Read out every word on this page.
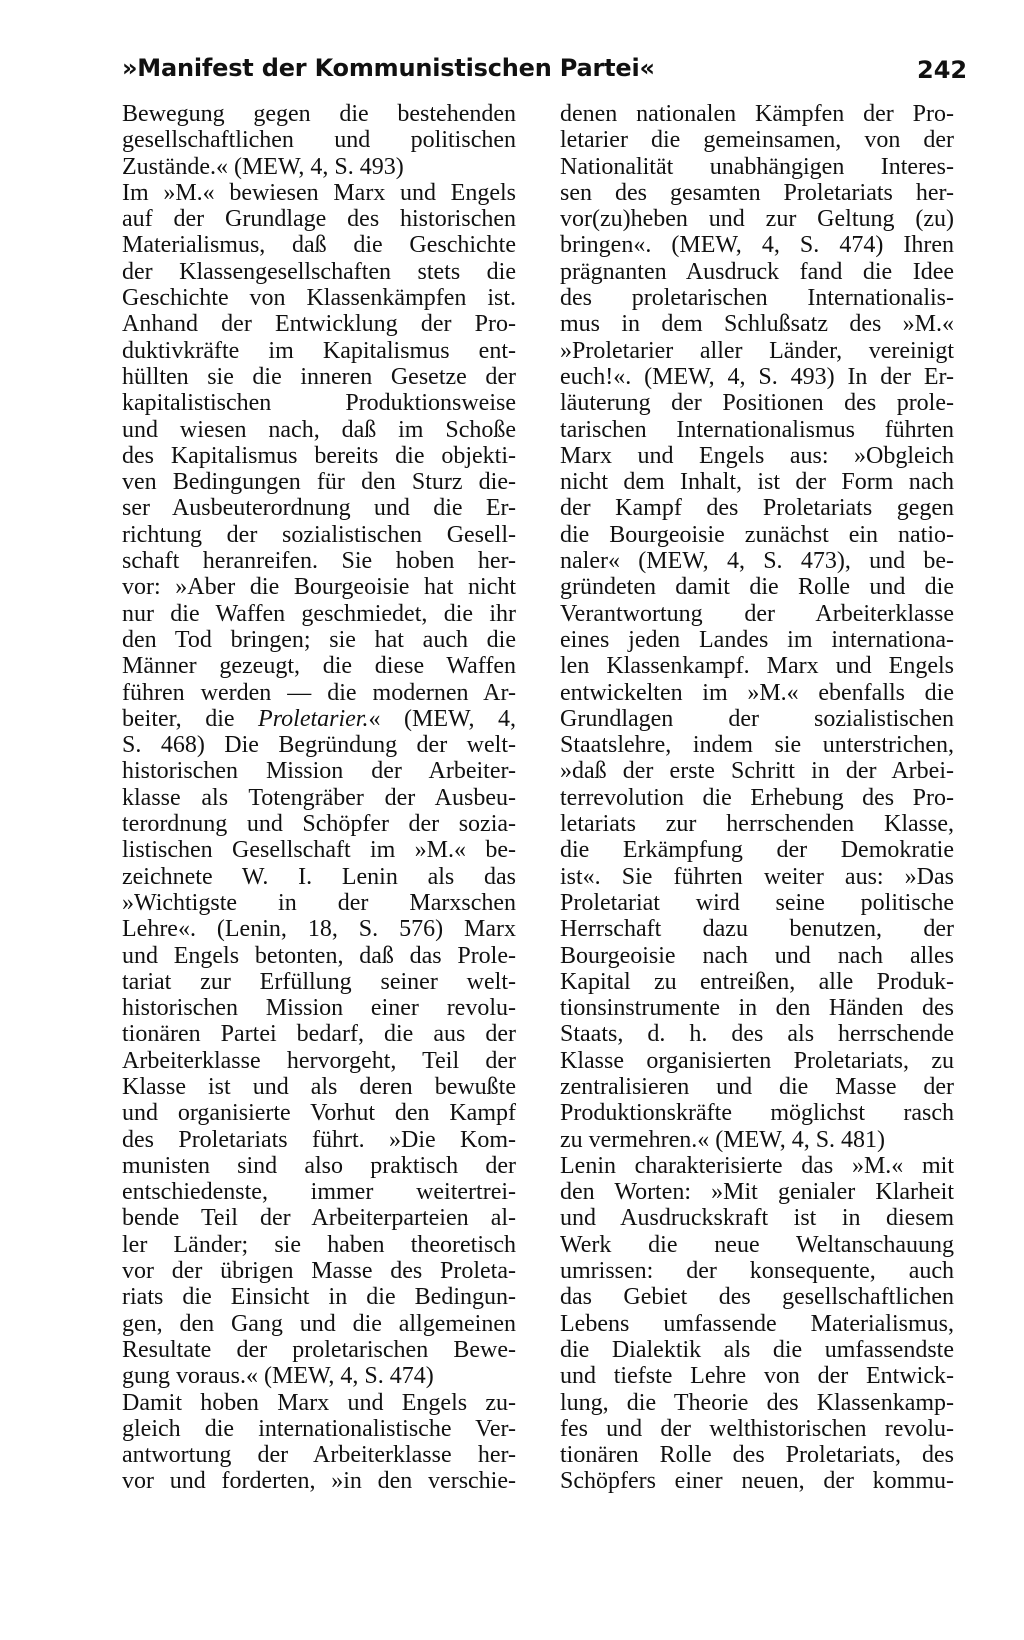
»Manifest der Kommunistischen Partei«	242
Bewegung gegen die bestehenden
gesellschaftlichen und politischen
Zustände.« (MEW, 4, S. 493)
Im »M.« bewiesen Marx und Engels
auf der Grundlage des historischen
Materialismus, daß die Geschichte
der Klassengesellschaften stets die
Geschichte von Klassenkämpfen ist.
Anhand der Entwicklung der Pro-
duktivkräfte im Kapitalismus ent-
hüllten sie die inneren Gesetze der
kapitalistischen Produktionsweise
und wiesen nach, daß im Schoße
des Kapitalismus bereits die objekti-
ven Bedingungen für den Sturz die-
ser Ausbeuterordnung und die Er-
richtung der sozialistischen Gesell-
schaft heranreifen. Sie hoben her-
vor: »Aber die Bourgeoisie hat nicht
nur die Waffen geschmiedet, die ihr
den Tod bringen; sie hat auch die
Männer gezeugt, die diese Waffen
führen werden — die modernen Ar-
beiter, die Proletarier.« (MEW, 4,
S. 468) Die Begründung der welt-
historischen Mission der Arbeiter-
klasse als Totengräber der Ausbeu-
terordnung und Schöpfer der sozia-
listischen Gesellschaft im »M.« be-
zeichnete W. I. Lenin als das
»Wichtigste in der Marxschen
Lehre«. (Lenin, 18, S. 576) Marx
und Engels betonten, daß das Prole-
tariat zur Erfüllung seiner welt-
historischen Mission einer revolu-
tionären Partei bedarf, die aus der
Arbeiterklasse hervorgeht, Teil der
Klasse ist und als deren bewußte
und organisierte Vorhut den Kampf
des Proletariats führt. »Die Kom-
munisten sind also praktisch der
entschiedenste, immer weitertrei-
bende Teil der Arbeiterparteien al-
ler Länder; sie haben theoretisch
vor der übrigen Masse des Proleta-
riats die Einsicht in die Bedingun-
gen, den Gang und die allgemeinen
Resultate der proletarischen Bewe-
gung voraus.« (MEW, 4, S. 474)
Damit hoben Marx und Engels zu-
gleich die internationalistische Ver-
antwortung der Arbeiterklasse her-
vor und forderten, »in den verschie-
denen nationalen Kämpfen der Pro-
letarier die gemeinsamen, von der
Nationalität unabhängigen Interes-
sen des gesamten Proletariats her-
vor(zu)heben und zur Geltung (zu)
bringen«. (MEW, 4, S. 474) Ihren
prägnanten Ausdruck fand die Idee
des proletarischen Internationalis-
mus in dem Schlußsatz des »M.«
»Proletarier aller Länder, vereinigt
euch!«. (MEW, 4, S. 493) In der Er-
läuterung der Positionen des prole-
tarischen Internationalismus führten
Marx und Engels aus: »Obgleich
nicht dem Inhalt, ist der Form nach
der Kampf des Proletariats gegen
die Bourgeoisie zunächst ein natio-
naler« (MEW, 4, S. 473), und be-
gründeten damit die Rolle und die
Verantwortung der Arbeiterklasse
eines jeden Landes im internationa-
len Klassenkampf. Marx und Engels
entwickelten im »M.« ebenfalls die
Grundlagen der sozialistischen
Staatslehre, indem sie unterstrichen,
»daß der erste Schritt in der Arbei-
terrevolution die Erhebung des Pro-
letariats zur herrschenden Klasse,
die Erkämpfung der Demokratie
ist«. Sie führten weiter aus: »Das
Proletariat wird seine politische
Herrschaft dazu benutzen, der
Bourgeoisie nach und nach alles
Kapital zu entreißen, alle Produk-
tionsinstrumente in den Händen des
Staats, d. h. des als herrschende
Klasse organisierten Proletariats, zu
zentralisieren und die Masse der
Produktionskräfte möglichst rasch
zu vermehren.« (MEW, 4, S. 481)
Lenin charakterisierte das »M.« mit
den Worten: »Mit genialer Klarheit
und Ausdruckskraft ist in diesem
Werk die neue Weltanschauung
umrissen: der konsequente, auch
das Gebiet des gesellschaftlichen
Lebens umfassende Materialismus,
die Dialektik als die umfassendste
und tiefste Lehre von der Entwick-
lung, die Theorie des Klassenkamp-
fes und der welthistorischen revolu-
tionären Rolle des Proletariats, des
Schöpfers einer neuen, der kommu-
